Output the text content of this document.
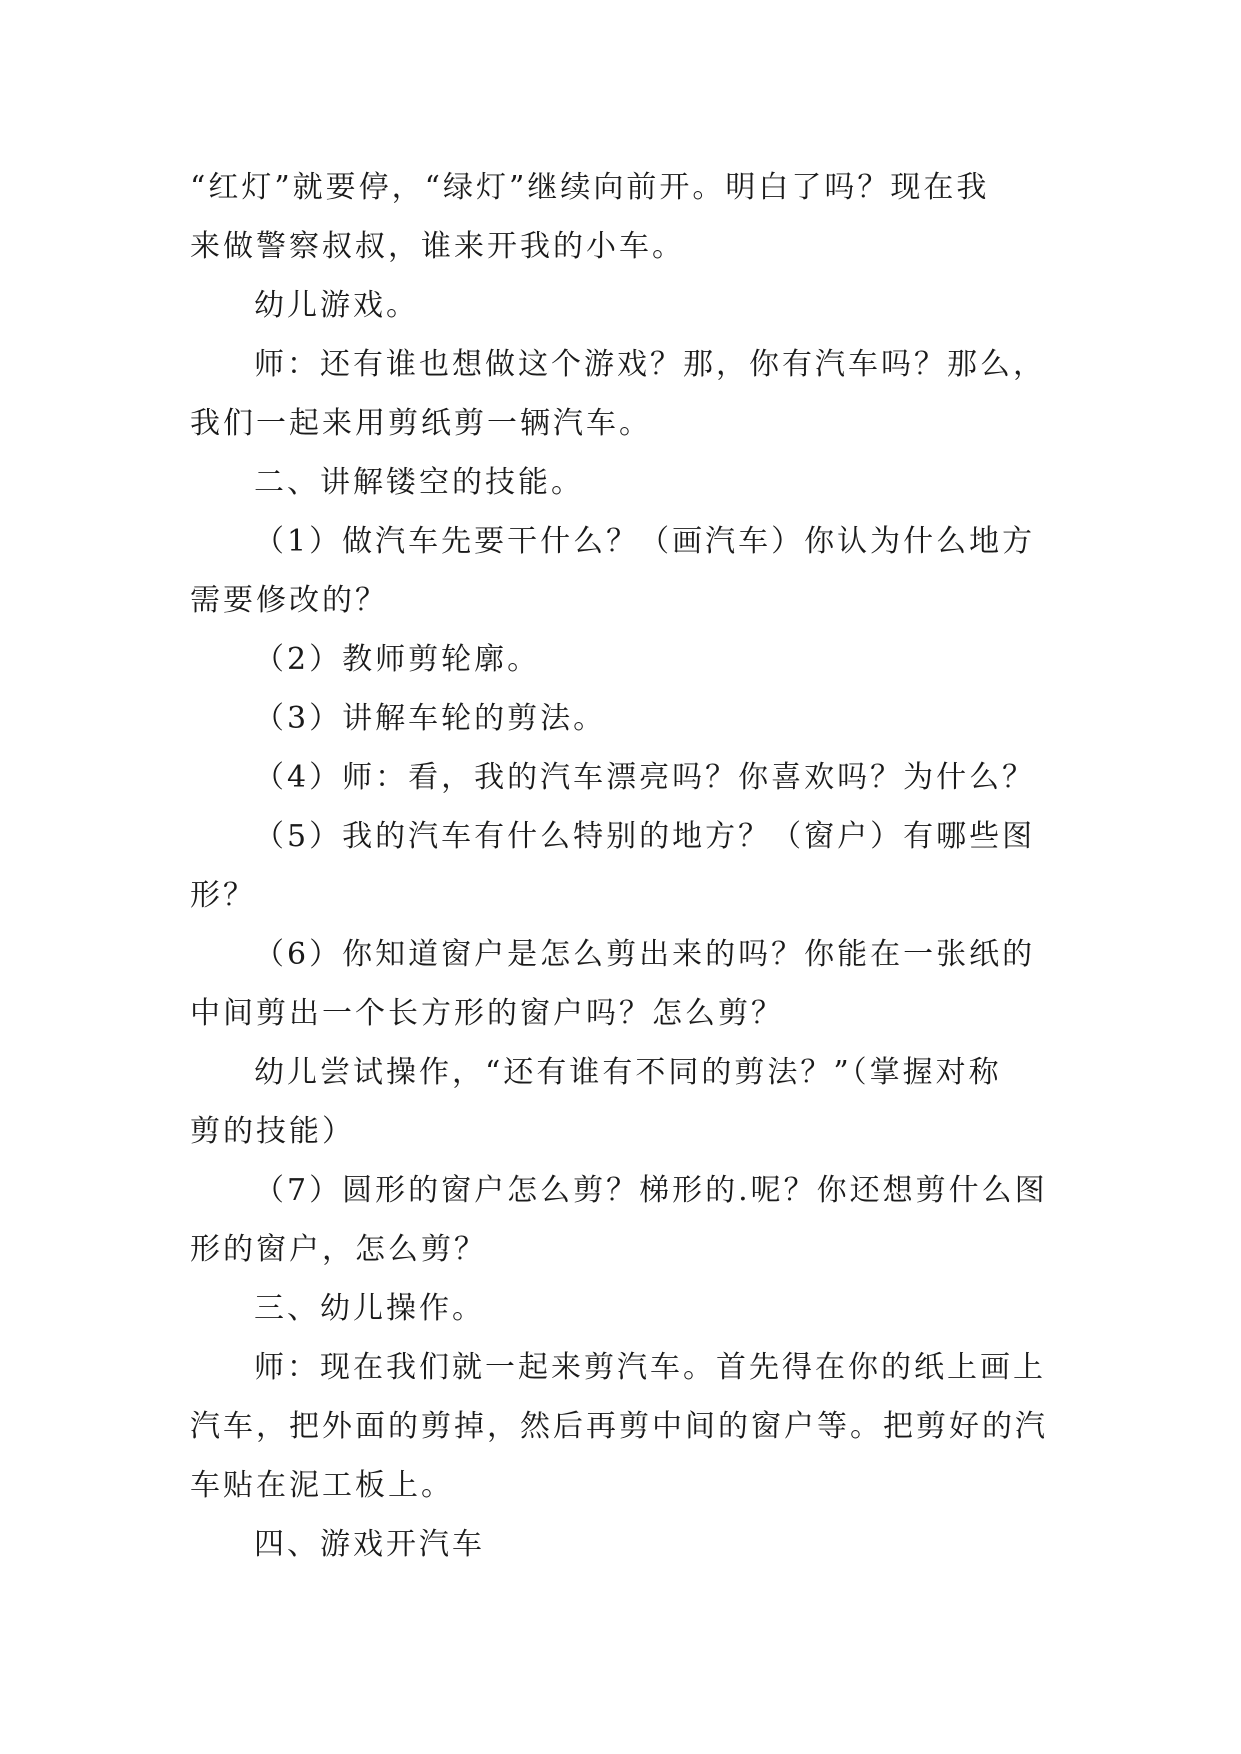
“红灯”就要停，“绿灯”继续向前开。明白了吗？现在我
来做警察叔叔，谁来开我的小车。
幼儿游戏。
师：还有谁也想做这个游戏？那，你有汽车吗？那么，
我们一起来用剪纸剪一辆汽车。
二、讲解镂空的技能。
（1）做汽车先要干什么？（画汽车）你认为什么地方
需要修改的？
（2）教师剪轮廓。
（3）讲解车轮的剪法。
（4）师：看，我的汽车漂亮吗？你喜欢吗？为什么？
（5）我的汽车有什么特别的地方？（窗户）有哪些图
形？
（6）你知道窗户是怎么剪出来的吗？你能在一张纸的
中间剪出一个长方形的窗户吗？怎么剪？
幼儿尝试操作，“还有谁有不同的剪法？”（掌握对称
剪的技能）
（7）圆形的窗户怎么剪？梯形的.呢？你还想剪什么图
形的窗户，怎么剪？
三、幼儿操作。
师：现在我们就一起来剪汽车。首先得在你的纸上画上
汽车，把外面的剪掉，然后再剪中间的窗户等。把剪好的汽
车贴在泥工板上。
四、游戏开汽车
